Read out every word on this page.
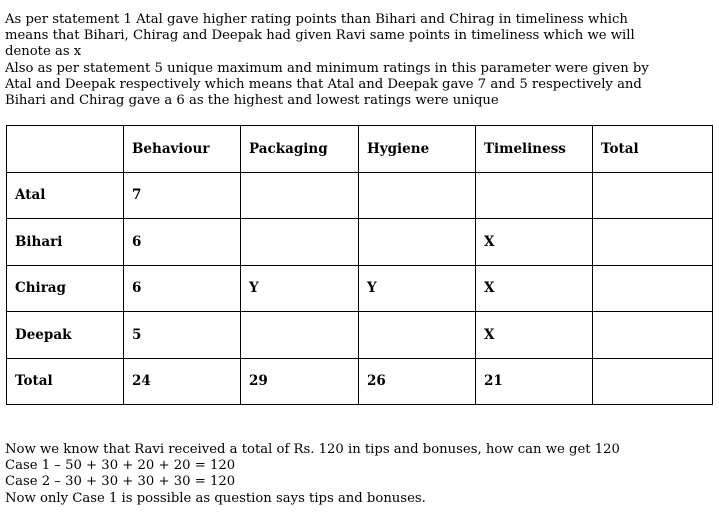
As per statement 1 Atal gave higher rating points than Bihari and Chirag in timeliness which
means that Bihari, Chirag and Deepak had given Ravi same points in timeliness which we will
denote as x
Also as per statement 5 unique maximum and minimum ratings in this parameter were given by
Atal and Deepak respectively which means that Atal and Deepak gave 7 and 5 respectively and
Bihari and Chirag gave a 6 as the highest and lowest ratings were unique
	Behaviour	Packaging	Hygiene	Timeliness	Total
Atal	7				
Bihari	6			X	
Chirag	6	Y	Y	X	
Deepak	5			X	
Total	24	29	26	21	
Now we know that Ravi received a total of Rs. 120 in tips and bonuses, how can we get 120
Case 1 – 50 + 30 + 20 + 20 = 120
Case 2 – 30 + 30 + 30 + 30 = 120
Now only Case 1 is possible as question says tips and bonuses.
